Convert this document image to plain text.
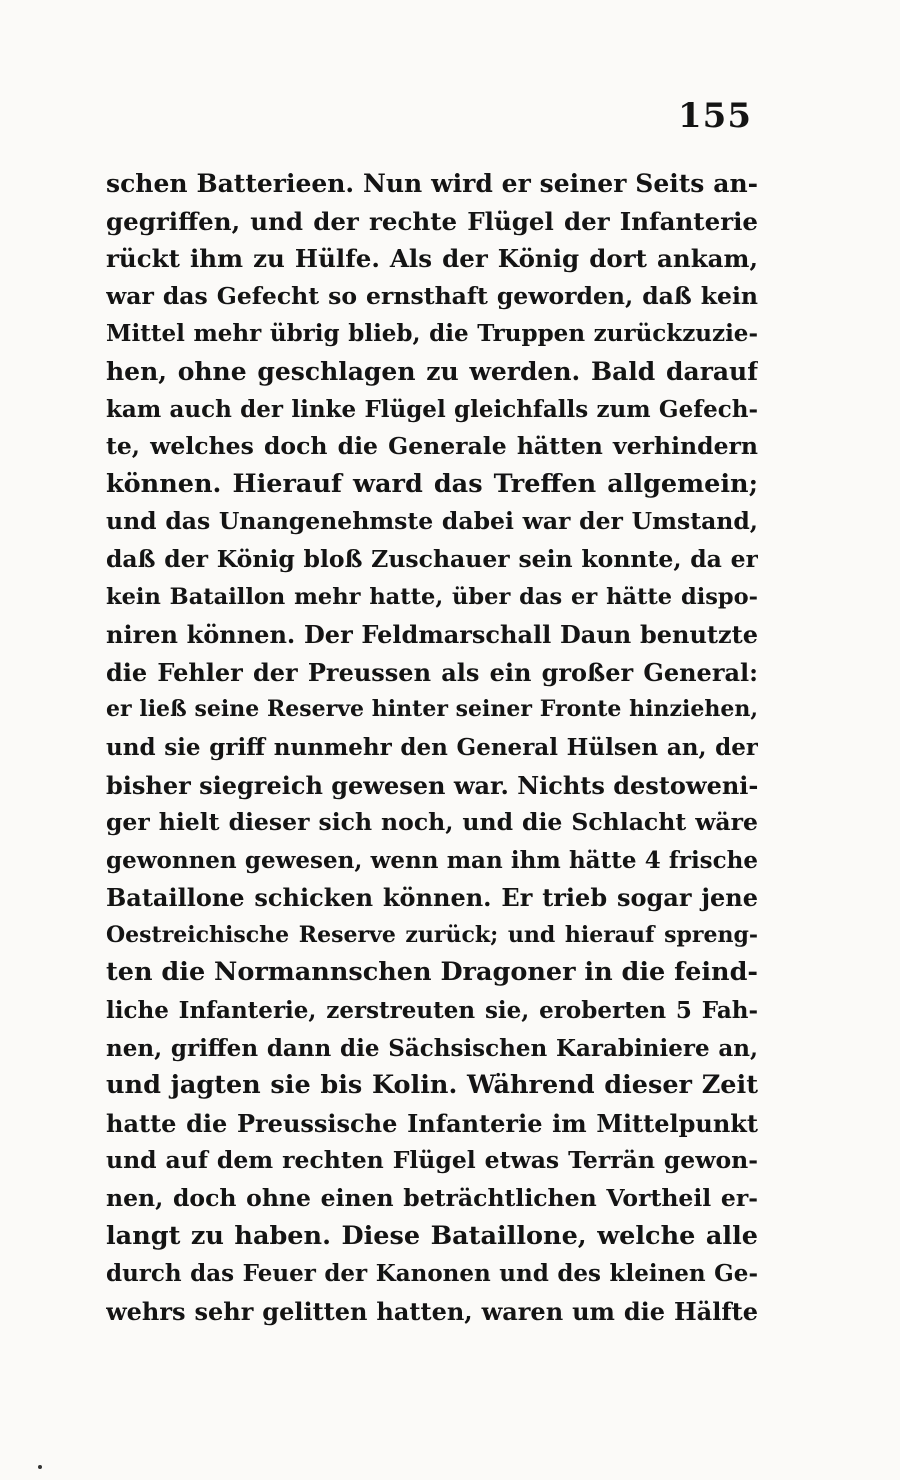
155
schen Batterieen. Nun wird er seiner Seits an-
gegriffen, und der rechte Flügel der Infanterie
rückt ihm zu Hülfe. Als der König dort ankam,
war das Gefecht so ernsthaft geworden, daß kein
Mittel mehr übrig blieb, die Truppen zurückzuzie-
hen, ohne geschlagen zu werden. Bald darauf
kam auch der linke Flügel gleichfalls zum Gefech-
te, welches doch die Generale hätten verhindern
können. Hierauf ward das Treffen allgemein;
und das Unangenehmste dabei war der Umstand,
daß der König bloß Zuschauer sein konnte, da er
kein Bataillon mehr hatte, über das er hätte dispo-
niren können. Der Feldmarschall Daun benutzte
die Fehler der Preussen als ein großer General:
er ließ seine Reserve hinter seiner Fronte hinziehen,
und sie griff nunmehr den General Hülsen an, der
bisher siegreich gewesen war. Nichts destoweni-
ger hielt dieser sich noch, und die Schlacht wäre
gewonnen gewesen, wenn man ihm hätte 4 frische
Bataillone schicken können. Er trieb sogar jene
Oestreichische Reserve zurück; und hierauf spreng-
ten die Normannschen Dragoner in die feind-
liche Infanterie, zerstreuten sie, eroberten 5 Fah-
nen, griffen dann die Sächsischen Karabiniere an,
und jagten sie bis Kolin. Während dieser Zeit
hatte die Preussische Infanterie im Mittelpunkt
und auf dem rechten Flügel etwas Terrän gewon-
nen, doch ohne einen beträchtlichen Vortheil er-
langt zu haben. Diese Bataillone, welche alle
durch das Feuer der Kanonen und des kleinen Ge-
wehrs sehr gelitten hatten, waren um die Hälfte
